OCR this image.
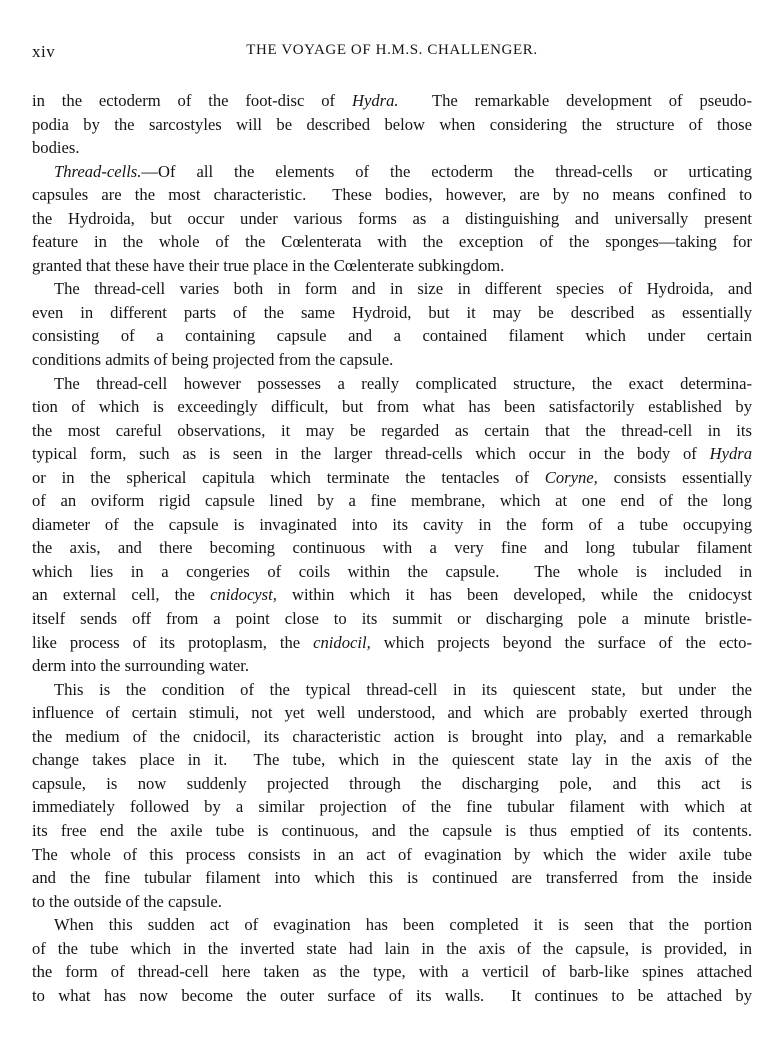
xiv	THE VOYAGE OF H.M.S. CHALLENGER.
in the ectoderm of the foot-disc of Hydra.  The remarkable development of pseudo-
podia by the sarcostyles will be described below when considering the structure of those
bodies.
Thread-cells.—Of all the elements of the ectoderm the thread-cells or urticating
capsules are the most characteristic.  These bodies, however, are by no means confined to
the Hydroida, but occur under various forms as a distinguishing and universally present
feature in the whole of the Cœlenterata with the exception of the sponges—taking for
granted that these have their true place in the Cœlenterate subkingdom.
The thread-cell varies both in form and in size in different species of Hydroida, and
even in different parts of the same Hydroid, but it may be described as essentially
consisting of a containing capsule and a contained filament which under certain
conditions admits of being projected from the capsule.
The thread-cell however possesses a really complicated structure, the exact determina-
tion of which is exceedingly difficult, but from what has been satisfactorily established by
the most careful observations, it may be regarded as certain that the thread-cell in its
typical form, such as is seen in the larger thread-cells which occur in the body of Hydra
or in the spherical capitula which terminate the tentacles of Coryne, consists essentially
of an oviform rigid capsule lined by a fine membrane, which at one end of the long
diameter of the capsule is invaginated into its cavity in the form of a tube occupying
the axis, and there becoming continuous with a very fine and long tubular filament
which lies in a congeries of coils within the capsule.  The whole is included in
an external cell, the cnidocyst, within which it has been developed, while the cnidocyst
itself sends off from a point close to its summit or discharging pole a minute bristle-
like process of its protoplasm, the cnidocil, which projects beyond the surface of the ecto-
derm into the surrounding water.
This is the condition of the typical thread-cell in its quiescent state, but under the
influence of certain stimuli, not yet well understood, and which are probably exerted through
the medium of the cnidocil, its characteristic action is brought into play, and a remarkable
change takes place in it.  The tube, which in the quiescent state lay in the axis of the
capsule, is now suddenly projected through the discharging pole, and this act is
immediately followed by a similar projection of the fine tubular filament with which at
its free end the axile tube is continuous, and the capsule is thus emptied of its contents.
The whole of this process consists in an act of evagination by which the wider axile tube
and the fine tubular filament into which this is continued are transferred from the inside
to the outside of the capsule.
When this sudden act of evagination has been completed it is seen that the portion
of the tube which in the inverted state had lain in the axis of the capsule, is provided, in
the form of thread-cell here taken as the type, with a verticil of barb-like spines attached
to what has now become the outer surface of its walls.  It continues to be attached by
